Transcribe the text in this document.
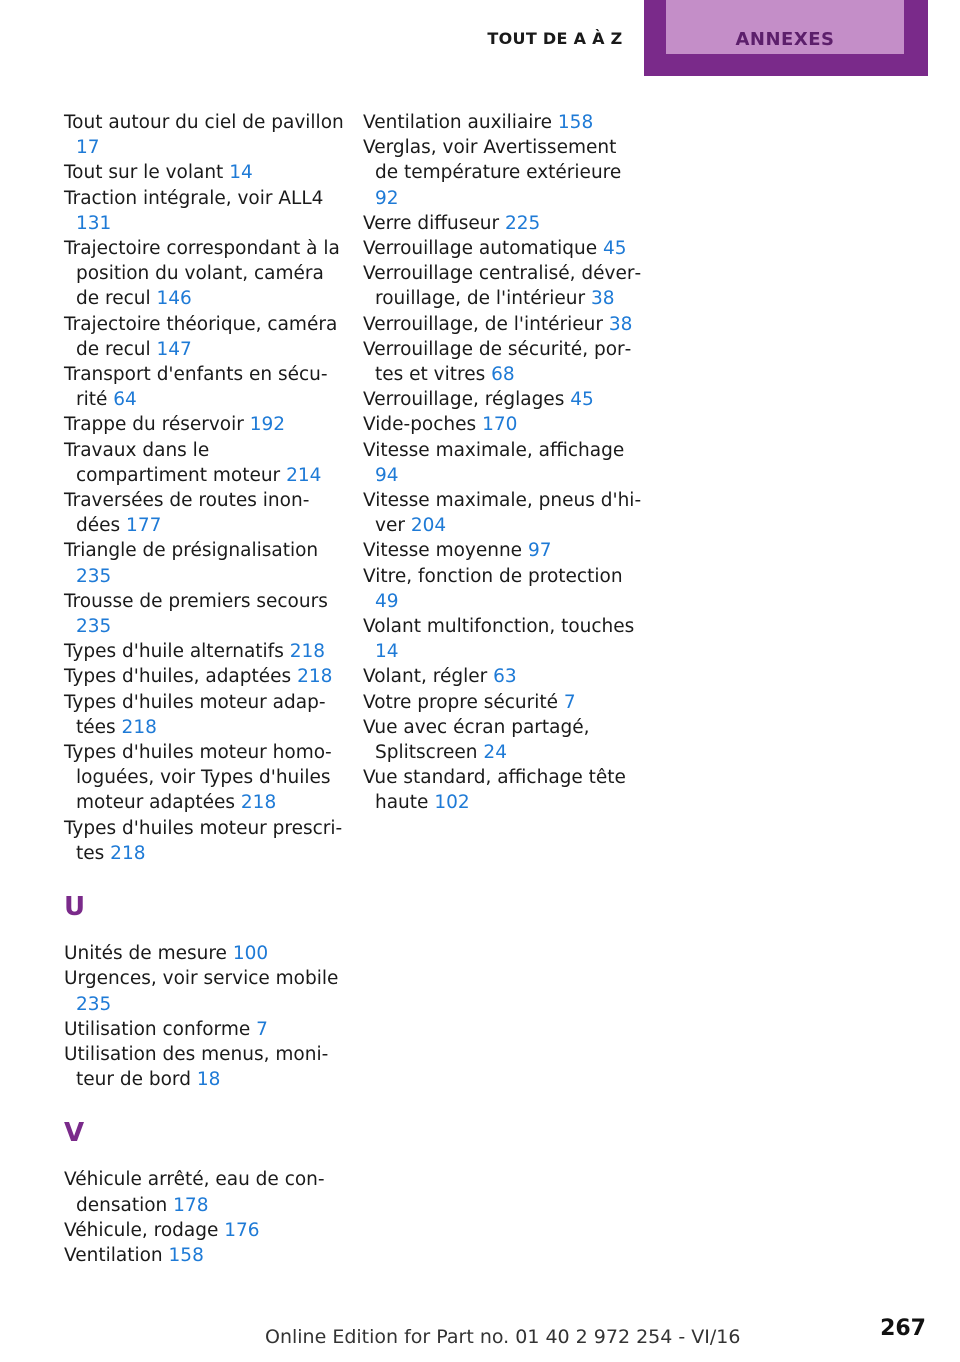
TOUT DE A À Z	ANNEXES
Tout autour du ciel de pavillon 17
Tout sur le volant 14
Traction intégrale, voir ALL4 131
Trajectoire correspondant à la position du volant, caméra de recul 146
Trajectoire théorique, caméra de recul 147
Transport d'enfants en sécurité 64
Trappe du réservoir 192
Travaux dans le compartiment moteur 214
Traversées de routes inondées 177
Triangle de présignalisation 235
Trousse de premiers secours 235
Types d'huile alternatifs 218
Types d'huiles, adaptées 218
Types d'huiles moteur adaptées 218
Types d'huiles moteur homologuées, voir Types d'huiles moteur adaptées 218
Types d'huiles moteur prescrites 218
U
Unités de mesure 100
Urgences, voir service mobile 235
Utilisation conforme 7
Utilisation des menus, moniteur de bord 18
V
Véhicule arrêté, eau de condensation 178
Véhicule, rodage 176
Ventilation 158
Ventilation auxiliaire 158
Verglas, voir Avertissement de température extérieure 92
Verre diffuseur 225
Verrouillage automatique 45
Verrouillage centralisé, déverrouillage, de l'intérieur 38
Verrouillage, de l'intérieur 38
Verrouillage de sécurité, portes et vitres 68
Verrouillage, réglages 45
Vide-poches 170
Vitesse maximale, affichage 94
Vitesse maximale, pneus d'hiver 204
Vitesse moyenne 97
Vitre, fonction de protection 49
Volant multifonction, touches 14
Volant, régler 63
Votre propre sécurité 7
Vue avec écran partagé, Splitscreen 24
Vue standard, affichage tête haute 102
Online Edition for Part no. 01 40 2 972 254 - VI/16	267
